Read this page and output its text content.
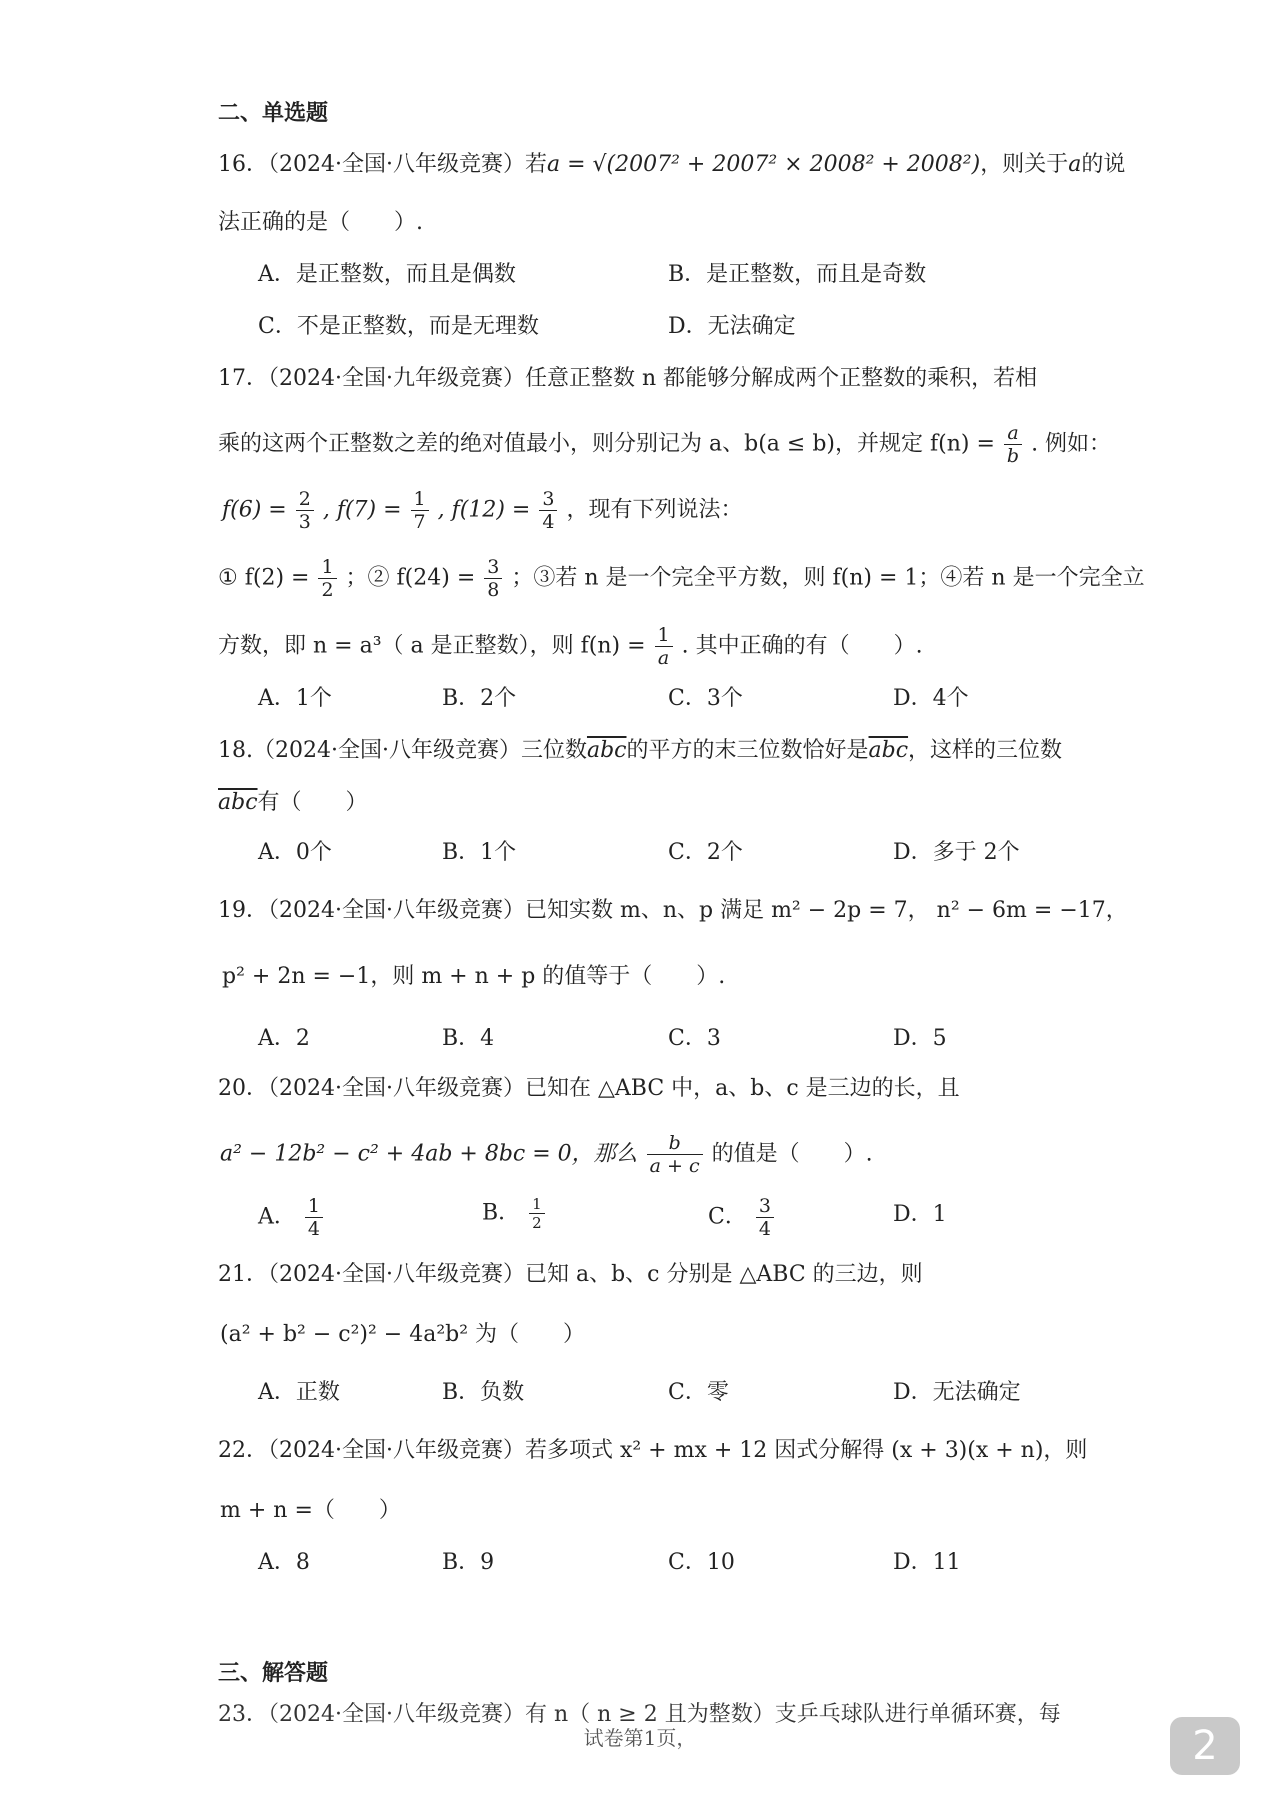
二、单选题
16．（2024·全国·八年级竞赛）若a = √(2007² + 2007² × 2008² + 2008²)，则关于a的说
法正确的是（　　）.
A．是正整数，而且是偶数	B．是正整数，而且是奇数
C．不是正整数，而是无理数	D．无法确定
17．（2024·全国·九年级竞赛）任意正整数 n 都能够分解成两个正整数的乘积，若相
乘的这两个正整数之差的绝对值最小，则分别记为 a、b(a ≤ b)，并规定 $f(n) = \frac{a}{b}$ . 例如：
$f(6) = \frac{2}{3}$ , $f(7) = \frac{1}{7}$ , $f(12) = \frac{3}{4}$ ，现有下列说法：
① $f(2) = \frac{1}{2}$ ；② $f(24) = \frac{3}{8}$ ；③若 n 是一个完全平方数，则 f(n) = 1；④若 n 是一个完全立
方数，即 n = a³（ a 是正整数），则 $f(n) = \frac{1}{a}$ . 其中正确的有（　　）.
A．1个	B．2个	C．3个	D．4个
18.（2024·全国·八年级竞赛）三位数$\overline{abc}$的平方的末三位数恰好是$\overline{abc}$，这样的三位数
$\overline{abc}$有（　　）
A．0个	B．1个	C．2个	D．多于 2个
19．（2024·全国·八年级竞赛）已知实数 m、n、p 满足 m² − 2p = 7， n² − 6m = −17，
p² + 2n = −1，则 m + n + p 的值等于（　　）.
A．2	B．4	C．3	D．5
20．（2024·全国·八年级竞赛）已知在 △ABC 中，a、b、c 是三边的长，且
a² − 12b² − c² + 4ab + 8bc = 0，那么 $\frac{b}{a + c}$ 的值是（　　）.
A． $\frac{1}{4}$	B． $\frac{1}{2}$	C． $\frac{3}{4}$	D．1
21．（2024·全国·八年级竞赛）已知 a、b、c 分别是 △ABC 的三边，则
(a² + b² − c²)² − 4a²b² 为（　　）
A．正数	B．负数	C．零	D．无法确定
22．（2024·全国·八年级竞赛）若多项式 x² + mx + 12 因式分解得 (x + 3)(x + n)，则
m + n =（　　）
A．8	B．9	C．10	D．11
三、解答题
23．（2024·全国·八年级竞赛）有 n（ n ≥ 2 且为整数）支乒乓球队进行单循环赛，每
试卷第1页，	2
